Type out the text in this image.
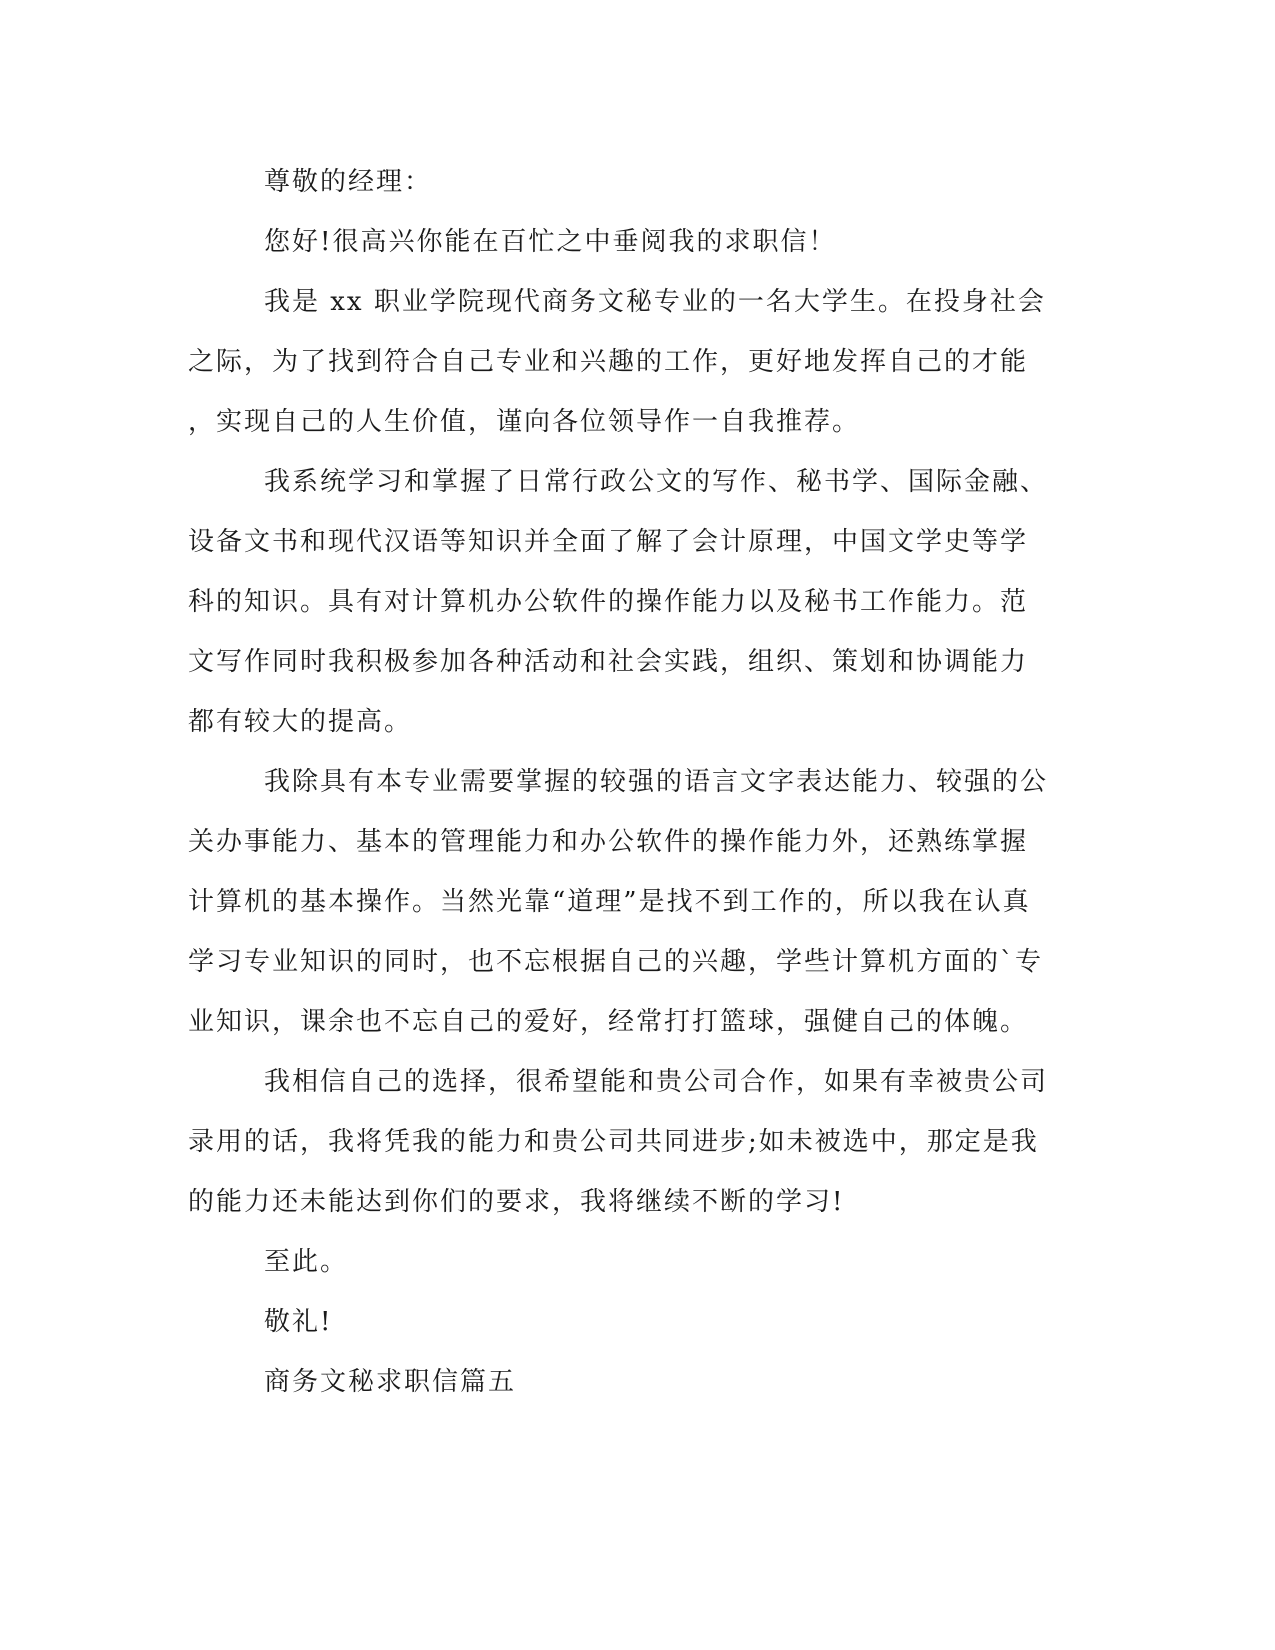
尊敬的经理：
您好!很高兴你能在百忙之中垂阅我的求职信！
我是 xx 职业学院现代商务文秘专业的一名大学生。在投身社会
之际，为了找到符合自己专业和兴趣的工作，更好地发挥自己的才能
，实现自己的人生价值，谨向各位领导作一自我推荐。
我系统学习和掌握了日常行政公文的写作、秘书学、国际金融、
设备文书和现代汉语等知识并全面了解了会计原理，中国文学史等学
科的知识。具有对计算机办公软件的操作能力以及秘书工作能力。范
文写作同时我积极参加各种活动和社会实践，组织、策划和协调能力
都有较大的提高。
我除具有本专业需要掌握的较强的语言文字表达能力、较强的公
关办事能力、基本的管理能力和办公软件的操作能力外，还熟练掌握
计算机的基本操作。当然光靠“道理”是找不到工作的，所以我在认真
学习专业知识的同时，也不忘根据自己的兴趣，学些计算机方面的`专
业知识，课余也不忘自己的爱好，经常打打篮球，强健自己的体魄。
我相信自己的选择，很希望能和贵公司合作，如果有幸被贵公司
录用的话，我将凭我的能力和贵公司共同进步;如未被选中，那定是我
的能力还未能达到你们的要求，我将继续不断的学习!
至此。
敬礼!
商务文秘求职信篇五
